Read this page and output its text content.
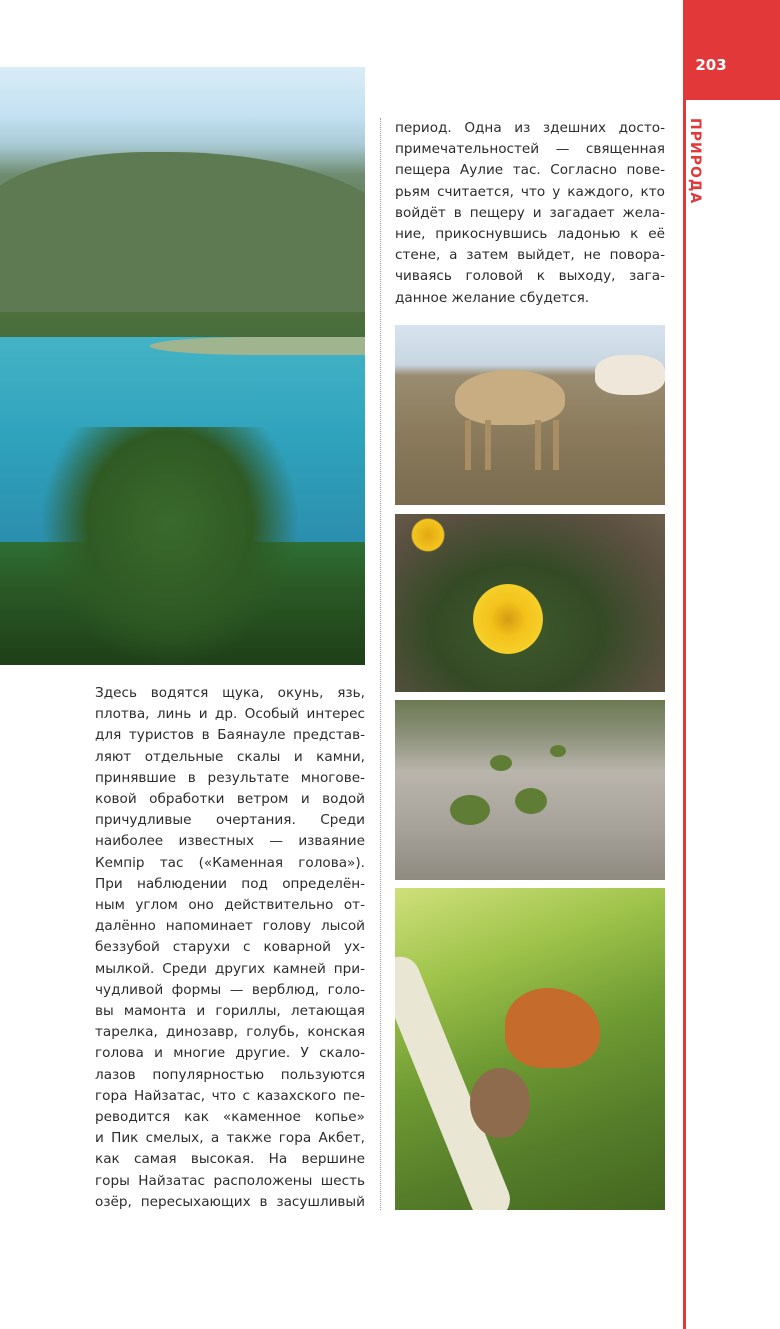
203
ПРИРОДА
период. Одна из здешних досто-
примечательностей — священная
пещера Аулие тас. Согласно пове-
рьям считается, что у каждого, кто
войдёт в пещеру и загадает жела-
ние, прикоснувшись ладонью к её
стене, а затем выйдет, не повора-
чиваясь головой к выходу, зага-
данное желание сбудется.
Здесь водятся щука, окунь, язь,
плотва, линь и др. Особый интерес
для туристов в Баянауле представ-
ляют отдельные скалы и камни,
принявшие в результате многове-
ковой обработки ветром и водой
причудливые очертания. Среди
наиболее известных — изваяние
Кемпір тас («Каменная голова»).
При наблюдении под определён-
ным углом оно действительно от-
далённо напоминает голову лысой
беззубой старухи с коварной ух-
мылкой. Среди других камней при-
чудливой формы — верблюд, голо-
вы мамонта и гориллы, летающая
тарелка, динозавр, голубь, конская
голова и многие другие. У скало-
лазов популярностью пользуются
гора Найзатас, что с казахского пе-
реводится как «каменное копье»
и Пик смелых, а также гора Акбет,
как самая высокая. На вершине
горы Найзатас расположены шесть
озёр, пересыхающих в засушливый
